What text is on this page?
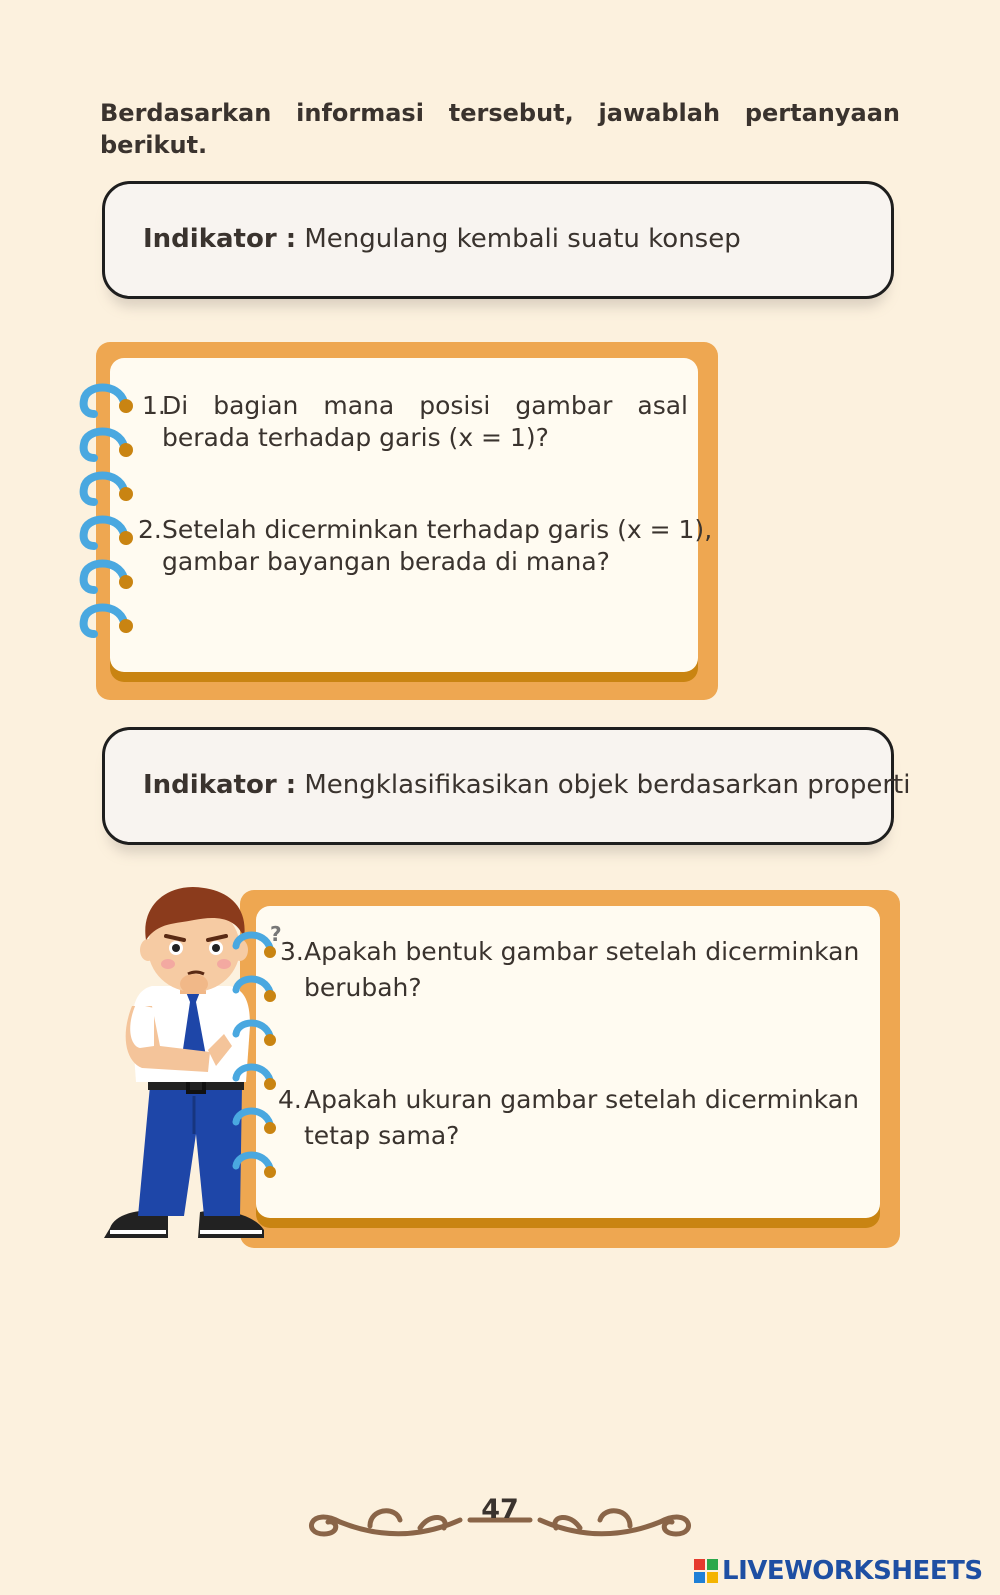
Berdasarkan informasi tersebut, jawablah pertanyaan
berikut.
Indikator : Mengulang kembali suatu konsep
1.
Di bagian mana posisi gambar asal
berada terhadap garis (x = 1)?
2. Setelah dicerminkan terhadap garis (x = 1),
gambar bayangan berada di mana?
Indikator : Mengklasifikasikan objek berdasarkan properti
?
3. Apakah bentuk gambar setelah dicerminkan
berubah?
4. Apakah ukuran gambar setelah dicerminkan
tetap sama?
47
LIVEWORKSHEETS
